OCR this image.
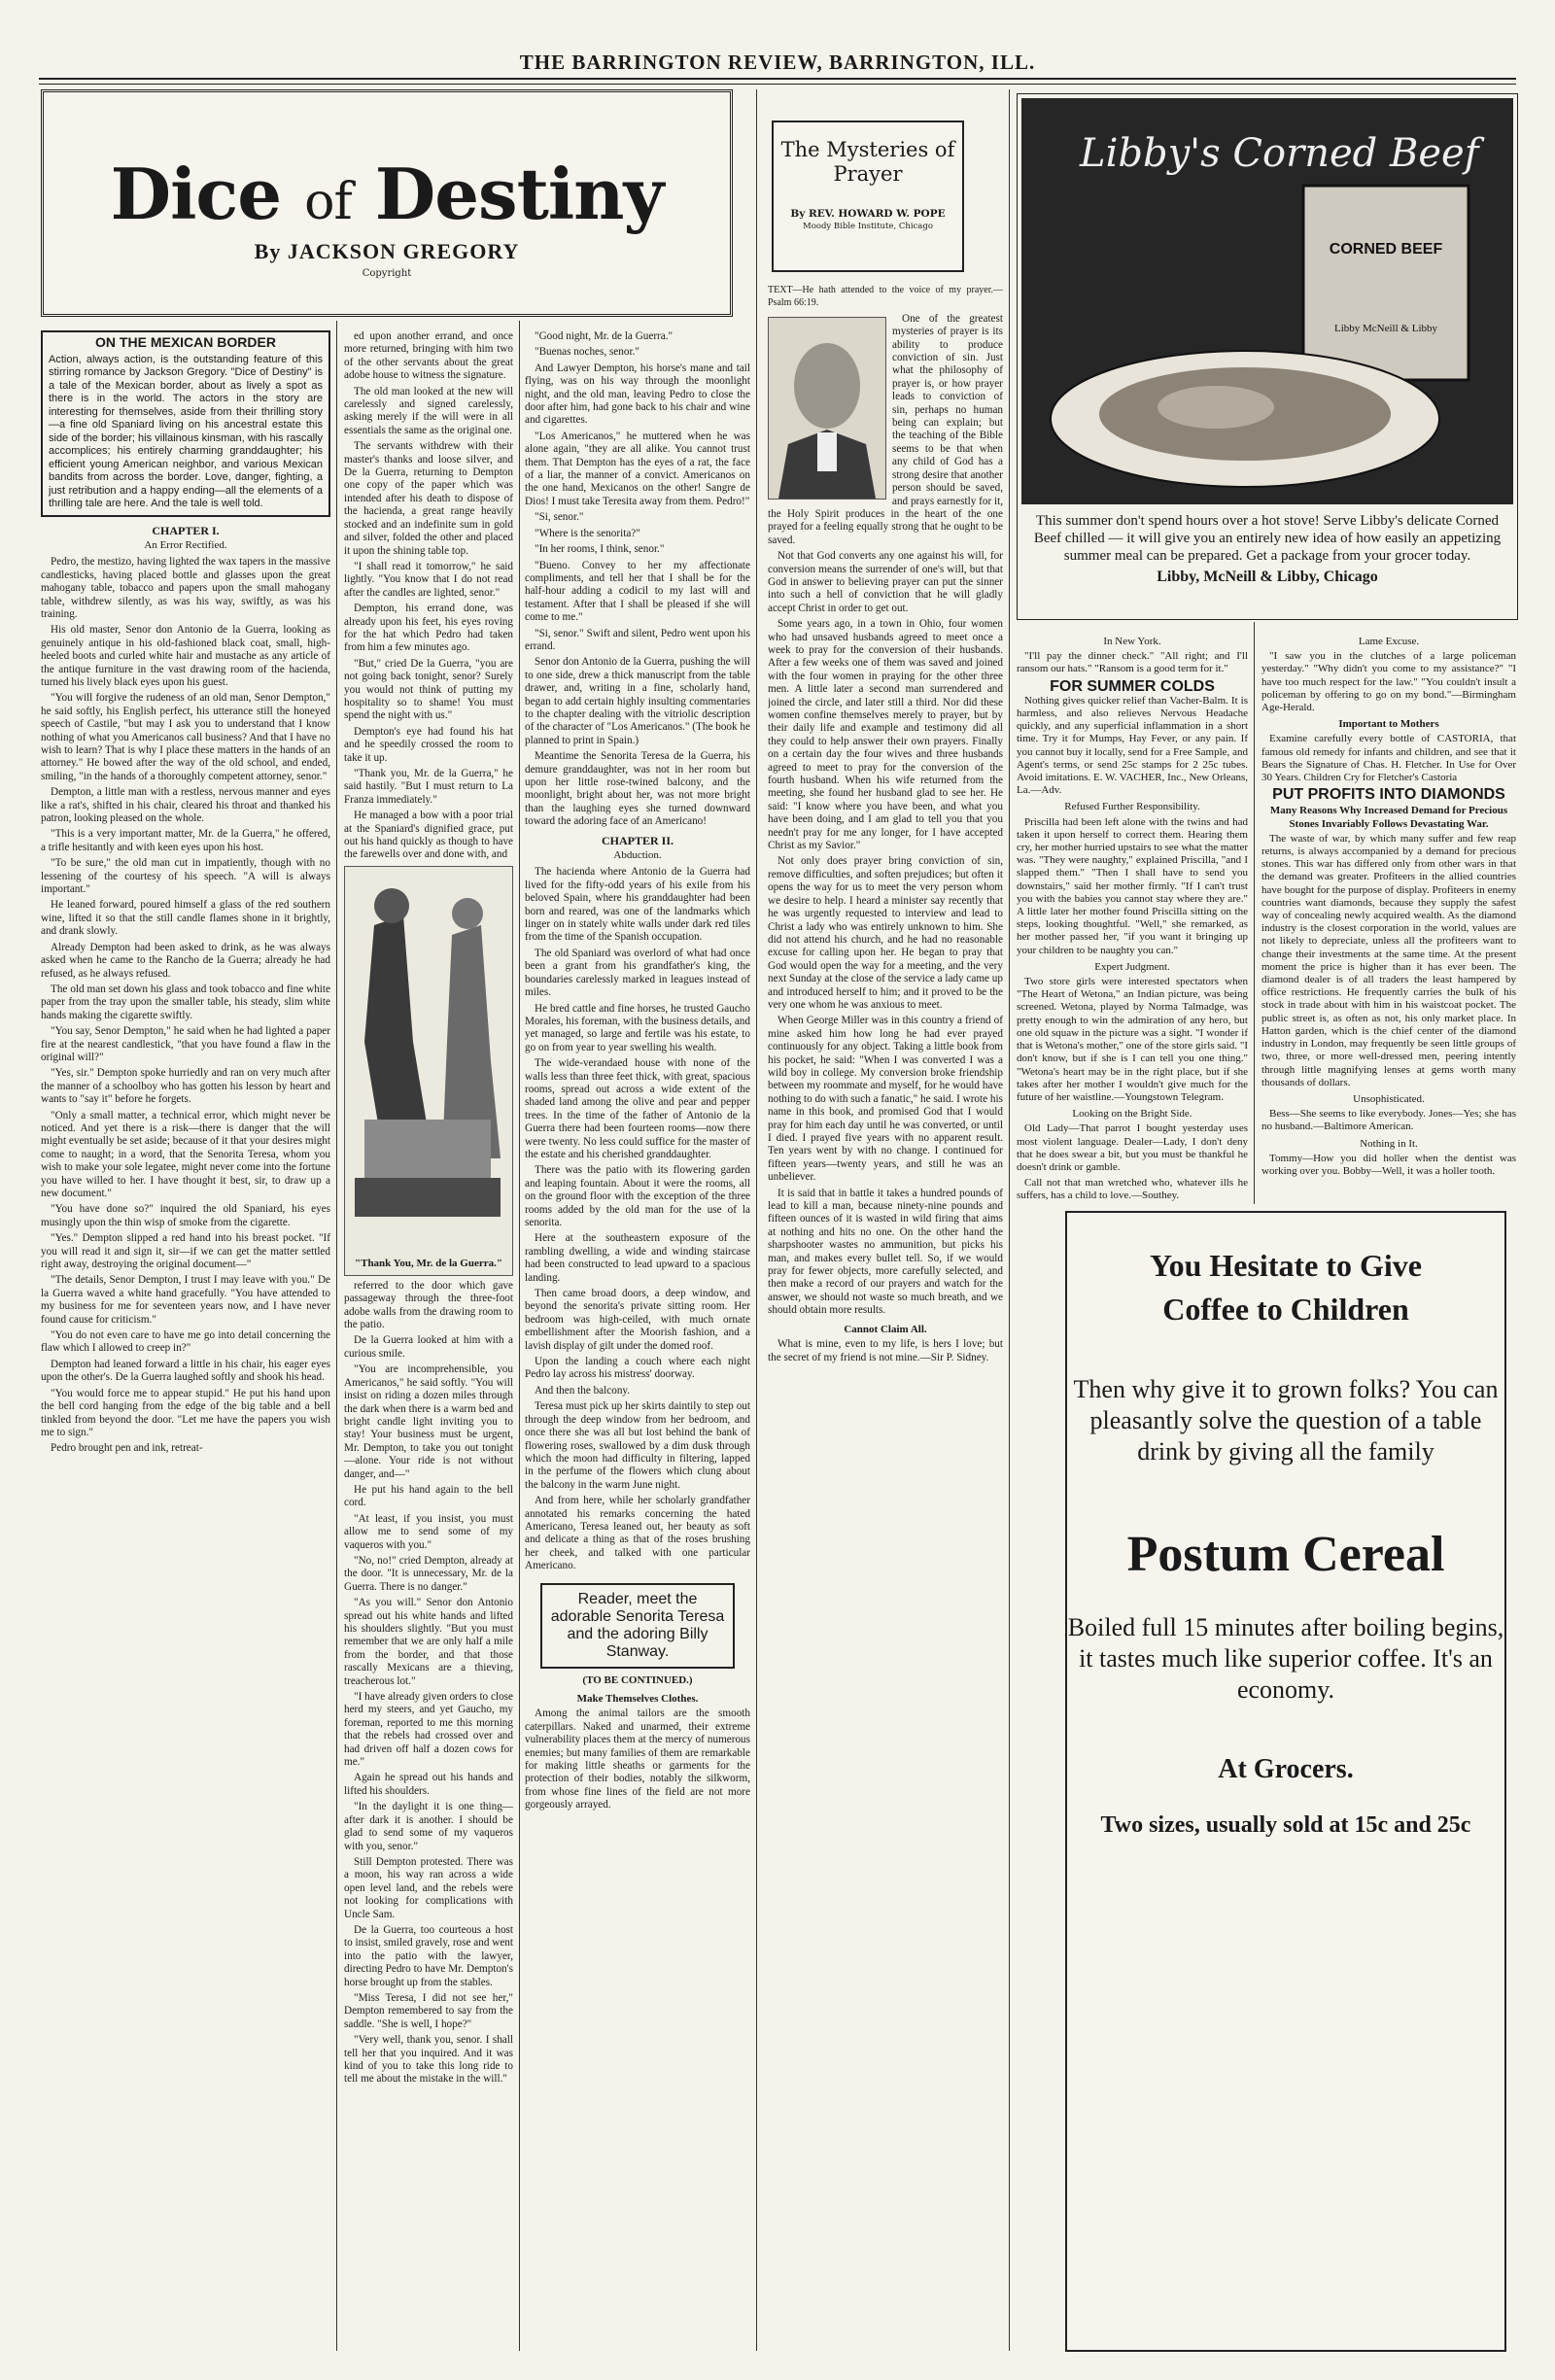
THE BARRINGTON REVIEW, BARRINGTON, ILL.
Dice of Destiny
By JACKSON GREGORY
Copyright
ON THE MEXICAN BORDER
Action, always action, is the outstanding feature of this stirring romance by Jackson Gregory. "Dice of Destiny" is a tale of the Mexican border, about as lively a spot as there is in the world. The actors in the story are interesting for themselves, aside from their thrilling story—a fine old Spaniard living on his ancestral estate this side of the border; his villainous kinsman, with his rascally accomplices; his entirely charming granddaughter; his efficient young American neighbor, and various Mexican bandits from across the border. Love, danger, fighting, a just retribution and a happy ending—all the elements of a thrilling tale are here. And the tale is well told.
CHAPTER I.
An Error Rectified.

Pedro, the mestizo, having lighted the wax tapers in the massive candlesticks, having placed bottle and glasses upon the great mahogany table, tobacco and papers upon the small mahogany table, withdrew silently, as was his way, swiftly, as was his training.

His old master, Senor don Antonio de la Guerra, looking as genuinely antique in his old-fashioned black coat, small, high-heeled boots and curled white hair and mustache as any article of the antique furniture in the vast drawing room of the hacienda, turned his lively black eyes upon his guest.

"You will forgive the rudeness of an old man, Senor Dempton," he said softly, his English perfect, his utterance still the honeyed speech of Castile, "but may I ask you to understand that I know nothing of what you Americanos call business? And that I have no wish to learn? That is why I place these matters in the hands of an attorney." He bowed after the way of the old school, and ended, smiling, "in the hands of a thoroughly competent attorney, senor."

Dempton, a little man with a restless, nervous manner and eyes like a rat's, shifted in his chair, cleared his throat and thanked his patron, looking pleased on the whole.

"This is a very important matter, Mr. de la Guerra," he offered, a trifle hesitantly and with keen eyes upon his host.

"To be sure," the old man cut in impatiently, though with no lessening of the courtesy of his speech. "A will is always important."

He leaned forward, poured himself a glass of the red southern wine, lifted it so that the still candle flames shone in it brightly, and drank slowly.

Already Dempton had been asked to drink, as he was always asked when he came to the Rancho de la Guerra; already he had refused, as he always refused.

The old man set down his glass and took tobacco and fine white paper from the tray upon the smaller table, his steady, slim white hands making the cigarette swiftly.

"You say, Senor Dempton," he said when he had lighted a paper fire at the nearest candlestick, "that you have found a flaw in the original will?"

"Yes, sir." Dempton spoke hurriedly and ran on very much after the manner of a schoolboy who has gotten his lesson by heart and wants to "say it" before he forgets.

"Only a small matter, a technical error, which might never be noticed. And yet there is a risk—there is danger that the will might eventually be set aside; because of it that your desires might come to naught; in a word, that the Senorita Teresa, whom you wish to make your sole legatee, might never come into the fortune you have willed to her. I have thought it best, sir, to draw up a new document."

"You have done so?" inquired the old Spaniard, his eyes musingly upon the thin wisp of smoke from the cigarette.

"Yes." Dempton slipped a red hand into his breast pocket. "If you will read it and sign it, sir—if we can get the matter settled right away, destroying the original document—"

"The details, Senor Dempton, I trust I may leave with you." De la Guerra waved a white hand gracefully. "You have attended to my business for me for seventeen years now, and I have never found cause for criticism."

"You do not even care to have me go into detail concerning the flaw which I allowed to creep in?"

Dempton had leaned forward a little in his chair, his eager eyes upon the other's. De la Guerra laughed softly and shook his head.

"You would force me to appear stupid." He put his hand upon the bell cord hanging from the edge of the big table and a bell tinkled from beyond the door. "Let me have the papers you wish me to sign."

Pedro brought pen and ink, retreat-

ed upon another errand, and once more returned, bringing with him two of the other servants about the great adobe house to witness the signature.

The old man looked at the new will carelessly and signed carelessly, asking merely if the will were in all essentials the same as the original one.

The servants withdrew with their master's thanks and loose silver, and De la Guerra, returning to Dempton one copy of the paper which was intended after his death to dispose of the hacienda, a great range heavily stocked and an indefinite sum in gold and silver, folded the other and placed it upon the shining table top.

"I shall read it tomorrow," he said lightly. "You know that I do not read after the candles are lighted, senor."

Dempton, his errand done, was already upon his feet, his eyes roving for the hat which Pedro had taken from him a few minutes ago.

"But," cried De la Guerra, "you are not going back tonight, senor? Surely you would not think of putting my hospitality so to shame! You must spend the night with us."

Dempton's eye had found his hat and he speedily crossed the room to take it up.

"Thank you, Mr. de la Guerra," he said hastily. "But I must return to La Franza immediately."

He managed a bow with a poor trial at the Spaniard's dignified grace, put out his hand quickly as though to have the farewells over and done with, and

"Thank You, Mr. de la Guerra."

referred to the door which gave passageway through the three-foot adobe walls from the drawing room to the patio.

De la Guerra looked at him with a curious smile.

"You are incomprehensible, you Americanos," he said softly. "You will insist on riding a dozen miles through the dark when there is a warm bed and bright candle light inviting you to stay! Your business must be urgent, Mr. Dempton, to take you out tonight—alone. Your ride is not without danger, and—"

He put his hand again to the bell cord.

"At least, if you insist, you must allow me to send some of my vaqueros with you."

"No, no!" cried Dempton, already at the door. "It is unnecessary, Mr. de la Guerra. There is no danger."

"As you will." Senor don Antonio spread out his white hands and lifted his shoulders slightly. "But you must remember that we are only half a mile from the border, and that those rascally Mexicans are a thieving, treacherous lot."

"I have already given orders to close herd my steers, and yet Gaucho, my foreman, reported to me this morning that the rebels had crossed over and had driven off half a dozen cows for me."

Again he spread out his hands and lifted his shoulders.

"In the daylight it is one thing—after dark it is another. I should be glad to send some of my vaqueros with you, senor."

Still Dempton protested. There was a moon, his way ran across a wide open level land, and the rebels were not looking for complications with Uncle Sam.

De la Guerra, too courteous a host to insist, smiled gravely, rose and went into the patio with the lawyer, directing Pedro to have Mr. Dempton's horse brought up from the stables.

"Miss Teresa, I did not see her," Dempton remembered to say from the saddle. "She is well, I hope?"

"Very well, thank you, senor. I shall tell her that you inquired. And it was kind of you to take this long ride to tell me about the mistake in the will."

"Good night, Mr. de la Guerra."

"Buenas noches, senor."

And Lawyer Dempton, his horse's mane and tail flying, was on his way through the moonlight night, and the old man, leaving Pedro to close the door after him, had gone back to his chair and wine and cigarettes.

"Los Americanos," he muttered when he was alone again, "they are all alike. You cannot trust them. That Dempton has the eyes of a rat, the face of a liar, the manner of a convict. Americanos on the one hand, Mexicanos on the other! Sangre de Dios! I must take Teresita away from them. Pedro!"

"Si, senor."

"Where is the senorita?"

"In her rooms, I think, senor."

"Bueno. Convey to her my affectionate compliments, and tell her that I shall be for the half-hour adding a codicil to my last will and testament. After that I shall be pleased if she will come to me."

"Si, senor." Swift and silent, Pedro went upon his errand.

Senor don Antonio de la Guerra, pushing the will to one side, drew a thick manuscript from the table drawer, and, writing in a fine, scholarly hand, began to add certain highly insulting commentaries to the chapter dealing with the vitriolic description of the character of "Los Americanos." (The book he planned to print in Spain.)

Meantime the Senorita Teresa de la Guerra, his demure granddaughter, was not in her room but upon her little rose-twined balcony, and the moonlight, bright about her, was not more bright than the laughing eyes she turned downward toward the adoring face of an Americano!

CHAPTER II.
Abduction.

The hacienda where Antonio de la Guerra had lived for the fifty-odd years of his exile from his beloved Spain, where his granddaughter had been born and reared, was one of the landmarks which linger on in stately white walls under dark red tiles from the time of the Spanish occupation.

The old Spaniard was overlord of what had once been a grant from his grandfather's king, the boundaries carelessly marked in leagues instead of miles.

He bred cattle and fine horses, he trusted Gaucho Morales, his foreman, with the business details, and yet managed, so large and fertile was his estate, to go on from year to year swelling his wealth.

The wide-verandaed house with none of the walls less than three feet thick, with great, spacious rooms, spread out across a wide extent of the shaded land among the olive and pear and pepper trees. In the time of the father of Antonio de la Guerra there had been fourteen rooms—now there were twenty. No less could suffice for the master of the estate and his cherished granddaughter.

There was the patio with its flowering garden and leaping fountain. About it were the rooms, all on the ground floor with the exception of the three rooms added by the old man for the use of la senorita.

Here at the southeastern exposure of the rambling dwelling, a wide and winding staircase had been constructed to lead upward to a spacious landing.

Then came broad doors, a deep window, and beyond the senorita's private sitting room. Her bedroom was high-ceiled, with much ornate embellishment after the Moorish fashion, and a lavish display of gilt under the domed roof.

Upon the landing a couch where each night Pedro lay across his mistress' doorway.

And then the balcony.

Teresa must pick up her skirts daintily to step out through the deep window from her bedroom, and once there she was all but lost behind the bank of flowering roses, swallowed by a dim dusk through which the moon had difficulty in filtering, lapped in the perfume of the flowers which clung about the balcony in the warm June night.

And from here, while her scholarly grandfather annotated his remarks concerning the hated Americano, Teresa leaned out, her beauty as soft and delicate a thing as that of the roses brushing her cheek, and talked with one particular Americano.

Reader, meet the adorable Senorita Teresa and the adoring Billy Stanway.
(TO BE CONTINUED.)
Make Themselves Clothes.

Among the animal tailors are the smooth caterpillars. Naked and unarmed, their extreme vulnerability places them at the mercy of numerous enemies; but many families of them are remarkable for making little sheaths or garments for the protection of their bodies, notably the silkworm, from whose fine lines of the field are not more gorgeously arrayed.

The Mysteries of Prayer
By REV. HOWARD W. POPE
Moody Bible Institute, Chicago

TEXT—He hath attended to the voice of my prayer.—Psalm 66:19.

One of the greatest mysteries of prayer is its ability to produce conviction of sin. Just what the philosophy of prayer is, or how prayer leads to conviction of sin, perhaps no human being can explain; but the teaching of the Bible seems to be that when any child of God has a strong desire that another person should be saved, and prays earnestly for it, the Holy Spirit produces in the heart of the one prayed for a feeling equally strong that he ought to be saved.

Not that God converts any one against his will, for conversion means the surrender of one's will, but that God in answer to believing prayer can put the sinner into such a hell of conviction that he will gladly accept Christ in order to get out.

Some years ago, in a town in Ohio, four women who had unsaved husbands agreed to meet once a week to pray for the conversion of their husbands. After a few weeks one of them was saved and joined with the four women in praying for the other three men. A little later a second man surrendered and joined the circle, and later still a third. Nor did these women confine themselves merely to prayer, but by their daily life and example and testimony did all they could to help answer their own prayers. Finally on a certain day the four wives and three husbands agreed to meet to pray for the conversion of the fourth husband. When his wife returned from the meeting, she found her husband glad to see her. He said: "I know where you have been, and what you have been doing, and I am glad to tell you that you needn't pray for me any longer, for I have accepted Christ as my Savior."

Not only does prayer bring conviction of sin, remove difficulties, and soften prejudices; but often it opens the way for us to meet the very person whom we desire to help. I heard a minister say recently that he was urgently requested to interview and lead to Christ a lady who was entirely unknown to him. She did not attend his church, and he had no reasonable excuse for calling upon her. He began to pray that God would open the way for a meeting, and the very next Sunday at the close of the service a lady came up and introduced herself to him; and it proved to be the very one whom he was anxious to meet.

When George Miller was in this country a friend of mine asked him how long he had ever prayed continuously for any object. Taking a little book from his pocket, he said: "When I was converted I was a wild boy in college. My conversion broke friendship between my roommate and myself, for he would have nothing to do with such a fanatic," he said. I wrote his name in this book, and promised God that I would pray for him each day until he was converted, or until I died. I prayed five years with no apparent result. Ten years went by with no change. I continued for fifteen years—twenty years, and still he was an unbeliever.

It is said that in battle it takes a hundred pounds of lead to kill a man, because ninety-nine pounds and fifteen ounces of it is wasted in wild firing that aims at nothing and hits no one. On the other hand the sharpshooter wastes no ammunition, but picks his man, and makes every bullet tell. So, if we would pray for fewer objects, more carefully selected, and then make a record of our prayers and watch for the answer, we should not waste so much breath, and we should obtain more results.

Cannot Claim All.

What is mine, even to my life, is hers I love; but the secret of my friend is not mine.—Sir P. Sidney.

Libby's Corned Beef
CORNED BEEF
Libby McNeill & Libby
This summer don't spend hours over a hot stove! Serve Libby's delicate Corned Beef chilled — it will give you an entirely new idea of how easily an appetizing summer meal can be prepared. Get a package from your grocer today.
Libby, McNeill & Libby, Chicago
In New York.

"I'll pay the dinner check." "All right; and I'll ransom our hats." "Ransom is a good term for it."

FOR SUMMER COLDS

Nothing gives quicker relief than Vacher-Balm. It is harmless, and also relieves Nervous Headache quickly, and any superficial inflammation in a short time. Try it for Mumps, Hay Fever, or any pain. If you cannot buy it locally, send for a Free Sample, and Agent's terms, or send 25c stamps for 2 25c tubes. Avoid imitations. E. W. VACHER, Inc., New Orleans, La.—Adv.

Refused Further Responsibility.

Priscilla had been left alone with the twins and had taken it upon herself to correct them. Hearing them cry, her mother hurried upstairs to see what the matter was. "They were naughty," explained Priscilla, "and I slapped them." "Then I shall have to send you downstairs," said her mother firmly. "If I can't trust you with the babies you cannot stay where they are." A little later her mother found Priscilla sitting on the steps, looking thoughtful. "Well," she remarked, as her mother passed her, "if you want it bringing up your children to be naughty you can."

Expert Judgment.

Two store girls were interested spectators when "The Heart of Wetona," an Indian picture, was being screened. Wetona, played by Norma Talmadge, was pretty enough to win the admiration of any hero, but one old squaw in the picture was a sight. "I wonder if that is Wetona's mother," one of the store girls said. "I don't know, but if she is I can tell you one thing." "Wetona's heart may be in the right place, but if she takes after her mother I wouldn't give much for the future of her waistline.—Youngstown Telegram.

Looking on the Bright Side.

Old Lady—That parrot I bought yesterday uses most violent language. Dealer—Lady, I don't deny that he does swear a bit, but you must be thankful he doesn't drink or gamble.

Call not that man wretched who, whatever ills he suffers, has a child to love.—Southey.

Lame Excuse.

"I saw you in the clutches of a large policeman yesterday." "Why didn't you come to my assistance?" "I have too much respect for the law." "You couldn't insult a policeman by offering to go on my bond."—Birmingham Age-Herald.

Important to Mothers

Examine carefully every bottle of CASTORIA, that famous old remedy for infants and children, and see that it Bears the Signature of Chas. H. Fletcher. In Use for Over 30 Years. Children Cry for Fletcher's Castoria

PUT PROFITS INTO DIAMONDS
Many Reasons Why Increased Demand for Precious Stones Invariably Follows Devastating War.

The waste of war, by which many suffer and few reap returns, is always accompanied by a demand for precious stones. This war has differed only from other wars in that the demand was greater. Profiteers in the allied countries have bought for the purpose of display. Profiteers in enemy countries want diamonds, because they supply the safest way of concealing newly acquired wealth. As the diamond industry is the closest corporation in the world, values are not likely to depreciate, unless all the profiteers want to change their investments at the same time. At the present moment the price is higher than it has ever been. The diamond dealer is of all traders the least hampered by office restrictions. He frequently carries the bulk of his stock in trade about with him in his waistcoat pocket. The public street is, as often as not, his only market place. In Hatton garden, which is the chief center of the diamond industry in London, may frequently be seen little groups of two, three, or more well-dressed men, peering intently through little magnifying lenses at gems worth many thousands of dollars.

Unsophisticated.

Bess—She seems to like everybody. Jones—Yes; she has no husband.—Baltimore American.

Nothing in It.

Tommy—How you did holler when the dentist was working over you. Bobby—Well, it was a holler tooth.

You Hesitate to Give
Coffee to Children
Then why give it to grown folks? You can pleasantly solve the question of a table drink by giving all the family
Postum Cereal
Boiled full 15 minutes after boiling begins, it tastes much like superior coffee. It's an economy.
At Grocers.
Two sizes, usually sold at 15c and 25c
